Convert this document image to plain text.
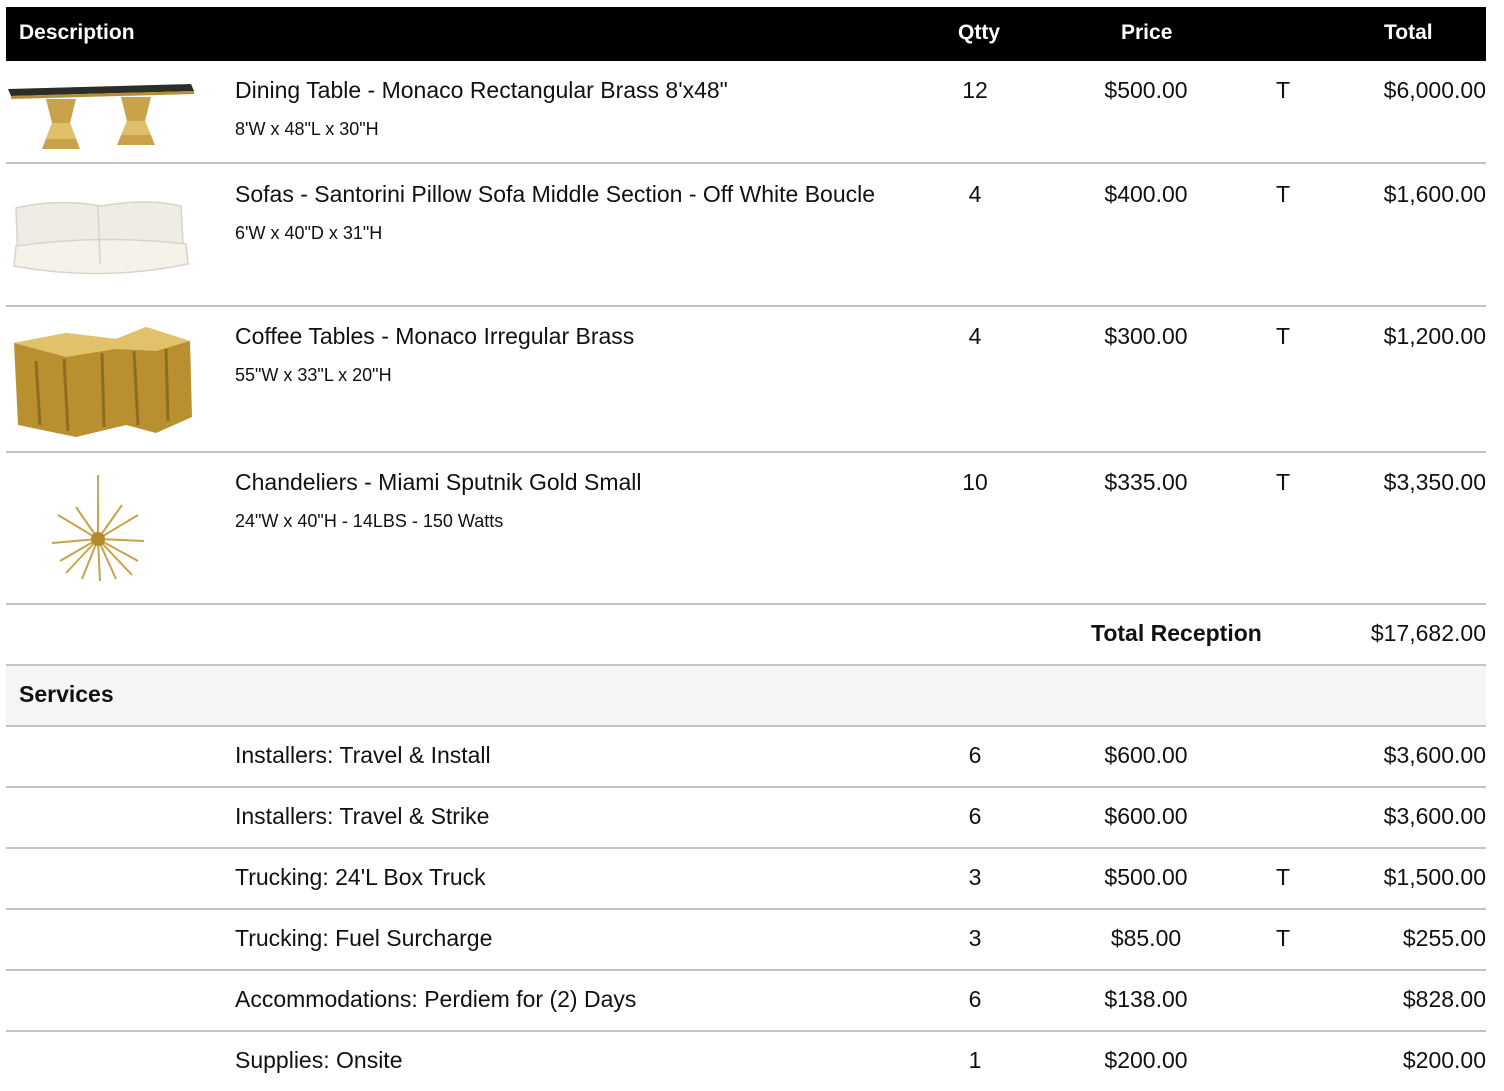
Description	Qtty	Price	Total
Dining Table - Monaco Rectangular Brass 8'x48"
8'W x 48"L x 30"H
12	$500.00	T	$6,000.00
Sofas - Santorini Pillow Sofa Middle Section - Off White Boucle
6'W x 40"D x 31"H
4	$400.00	T	$1,600.00
Coffee Tables - Monaco Irregular Brass
55"W x 33"L x 20"H
4	$300.00	T	$1,200.00
Chandeliers - Miami Sputnik Gold Small
24"W x 40"H - 14LBS - 150 Watts
10	$335.00	T	$3,350.00
Total Reception	$17,682.00
Services
Installers: Travel & Install	6	$600.00	$3,600.00
Installers: Travel & Strike	6	$600.00	$3,600.00
Trucking: 24'L Box Truck	3	$500.00	T	$1,500.00
Trucking: Fuel Surcharge	3	$85.00	T	$255.00
Accommodations: Perdiem for (2) Days	6	$138.00	$828.00
Supplies: Onsite	1	$200.00	$200.00
